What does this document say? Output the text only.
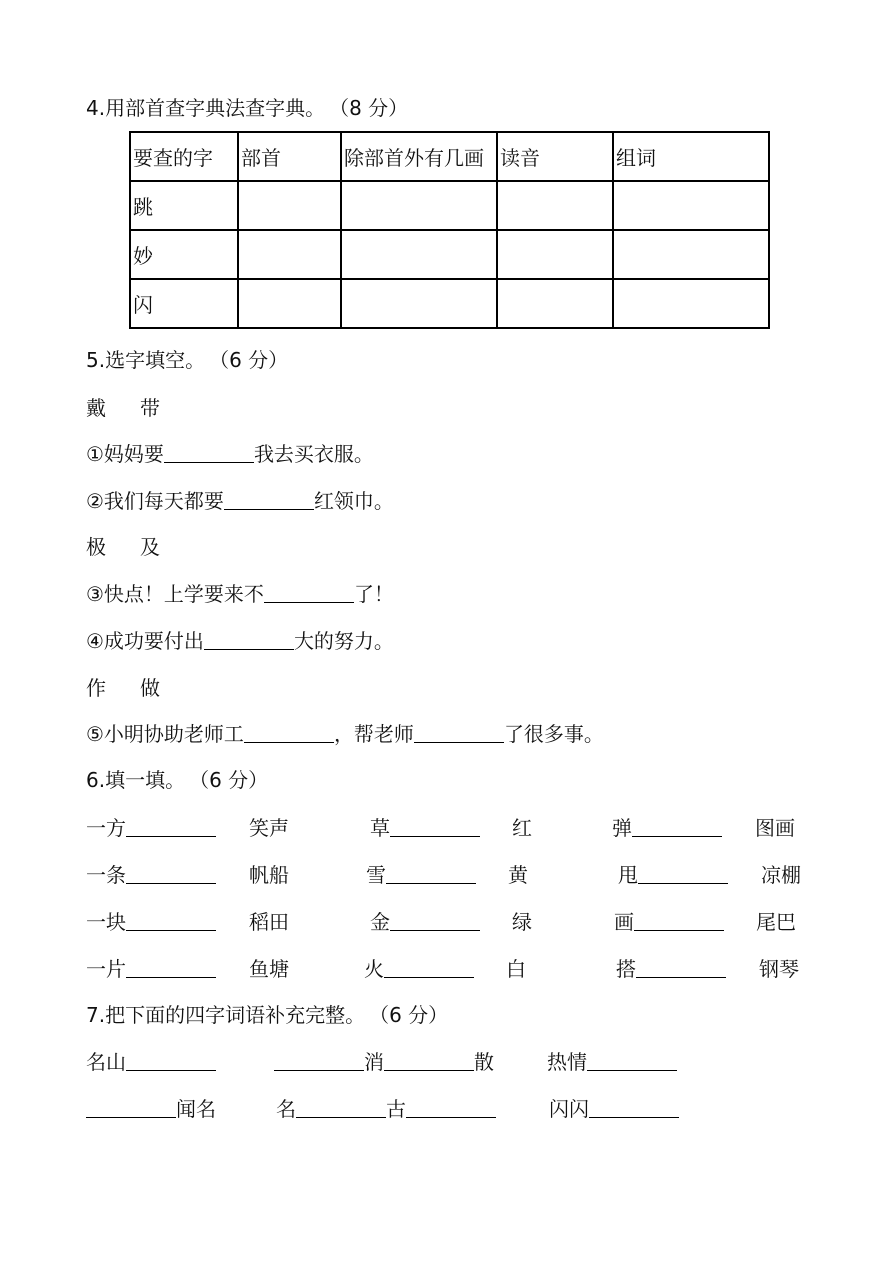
4.用部首查字典法查字典。 （8 分）
要查的字	部首	除部首外有几画	读音	组词
跳				
妙				
闪				
5.选字填空。 （6 分）
戴 带
①妈妈要	我去买衣服。
②我们每天都要	红领巾。
极 及
③快点！上学要来不	了！
④成功要付出	大的努力。
作 做
⑤小明协助老师工	，帮老师	了很多事。
6.填一填。 （6 分）
一方	笑声	草	红	弹	图画
一条	帆船	雪	黄	甩	凉棚
一块	稻田	金	绿	画	尾巴
一片	鱼塘	火	白	搭	钢琴
7.把下面的四字词语补充完整。 （6 分）
名山	消	散	热情
闻名	名	古	闪闪
